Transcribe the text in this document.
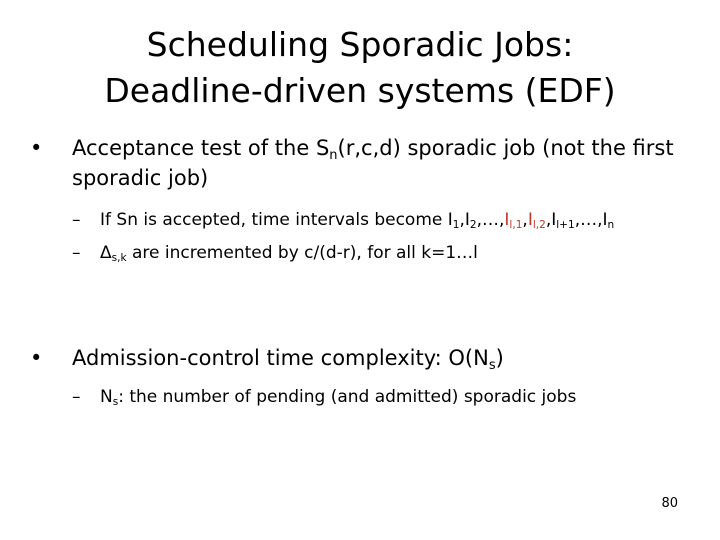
Scheduling Sporadic Jobs:
Deadline-driven systems (EDF)
• Acceptance test of the $S_n(r,c,d)$ sporadic job (not the first sporadic job)
– If Sn is accepted, time intervals become $I_1,I_2,\dots,I_{l,1},I_{l,2},I_{l+1},\dots,I_n$
– $\Delta_{s,k}$ are incremented by c/(d-r), for all k=1…l
• Admission-control time complexity: $O(N_s)$
– $N_s$: the number of pending (and admitted) sporadic jobs
80
